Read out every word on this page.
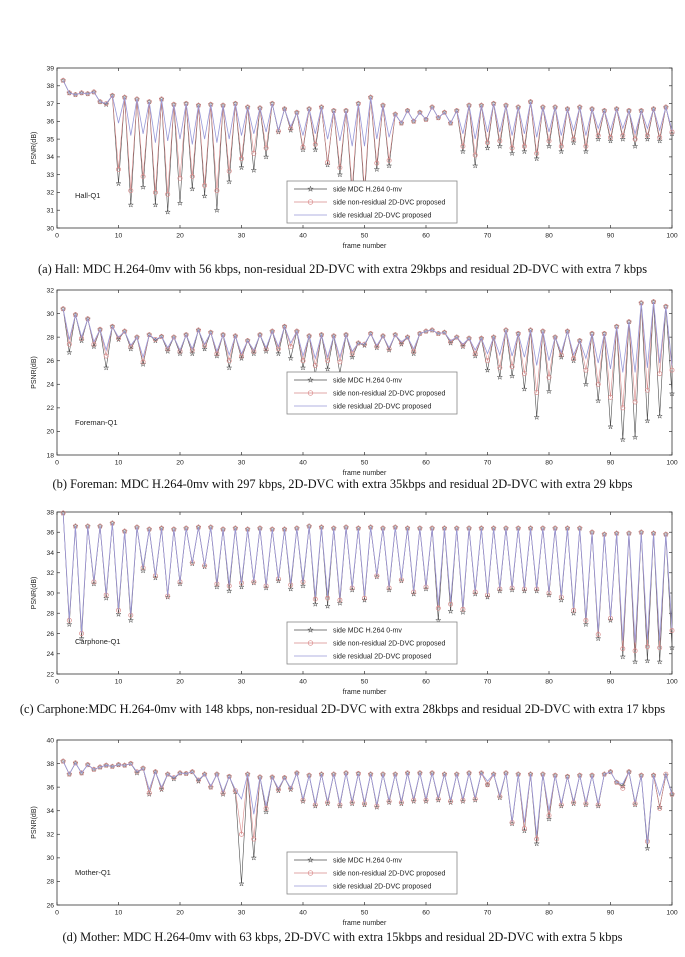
30
31
32
33
34
35
36
37
38
39
0	10	20	30	40	50	60	70	80	90	100
frame number
PSNR(dB)
Hall-Q1
side MDC H.264 0-mv
side non-residual 2D-DVC proposed
side residual 2D-DVC proposed
(a) Hall: MDC H.264-0mv with 56 kbps, non-residual 2D-DVC with extra 29kbps and residual 2D-DVC with extra 7 kbps
18
20
22
24
26
28
30
32
0	10	20	30	40	50	60	70	80	90	100
frame number
PSNR(dB)
Foreman-Q1
side MDC H.264 0-mv
side non-residual 2D-DVC proposed
side residual 2D-DVC proposed
(b) Foreman: MDC H.264-0mv with 297 kbps, 2D-DVC with extra 35kbps and residual 2D-DVC with extra 29 kbps
22
24
26
28
30
32
34
36
38
0	10	20	30	40	50	60	70	80	90	100
frame number
PSNR(dB)
Carphone-Q1
side MDC H.264 0-mv
side non-residual 2D-DVC proposed
side residual 2D-DVC proposed
(c) Carphone:MDC H.264-0mv with 148 kbps, non-residual 2D-DVC with extra 28kbps and residual 2D-DVC with extra 17 kbps
26
28
30
32
34
36
38
40
0	10	20	30	40	50	60	70	80	90	100
frame number
PSNR(dB)
Mother-Q1
side MDC H.264 0-mv
side non-residual 2D-DVC proposed
side residual 2D-DVC proposed
(d) Mother: MDC H.264-0mv with 63 kbps, 2D-DVC with extra 15kbps and residual 2D-DVC with extra 5 kbps
